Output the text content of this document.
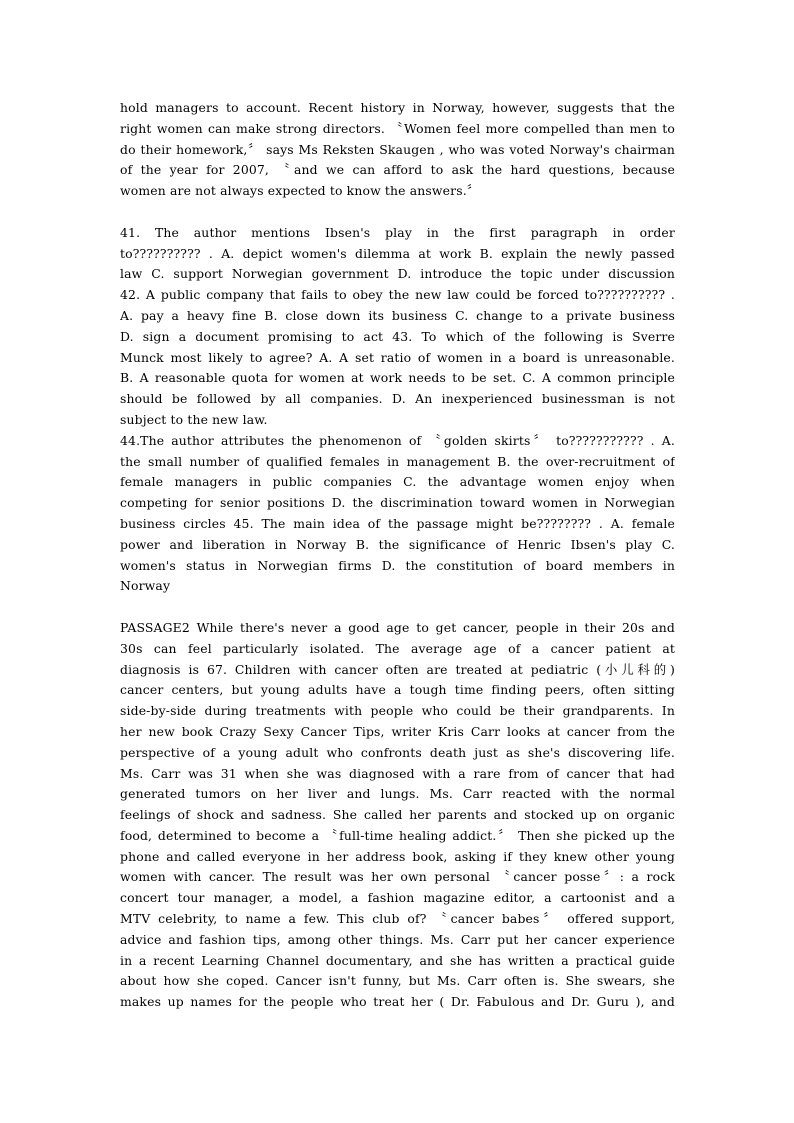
hold managers to account. Recent history in Norway, however, suggests that the
right women can make strong directors. 〝Women feel more compelled than men to
do their homework,〞 says Ms Reksten Skaugen , who was voted Norway's chairman
of the year for 2007, 〝and we can afford to ask the hard questions, because
women are not always expected to know the answers.〞
41. The author mentions Ibsen's play in the first paragraph in order
to?????????? . A. depict women's dilemma at work B. explain the newly passed
law C. support Norwegian government D. introduce the topic under discussion
42. A public company that fails to obey the new law could be forced to?????????? .
A. pay a heavy fine B. close down its business C. change to a private business
D. sign a document promising to act 43. To which of the following is Sverre
Munck most likely to agree? A. A set ratio of women in a board is unreasonable.
B. A reasonable quota for women at work needs to be set. C. A common principle
should be followed by all companies. D. An inexperienced businessman is not
subject to the new law.
44.The author attributes the phenomenon of 〝golden skirts〞 to??????????? . A.
the small number of qualified females in management B. the over-recruitment of
female managers in public companies C. the advantage women enjoy when
competing for senior positions D. the discrimination toward women in Norwegian
business circles 45. The main idea of the passage might be???????? . A. female
power and liberation in Norway B. the significance of Henric Ibsen's play C.
women's status in Norwegian firms D. the constitution of board members in
Norway
PASSAGE2 While there's never a good age to get cancer, people in their 20s and
30s can feel particularly isolated. The average age of a cancer patient at
diagnosis is 67. Children with cancer often are treated at pediatric (小儿科的)
cancer centers, but young adults have a tough time finding peers, often sitting
side-by-side during treatments with people who could be their grandparents. In
her new book Crazy Sexy Cancer Tips, writer Kris Carr looks at cancer from the
perspective of a young adult who confronts death just as she's discovering life.
Ms. Carr was 31 when she was diagnosed with a rare from of cancer that had
generated tumors on her liver and lungs. Ms. Carr reacted with the normal
feelings of shock and sadness. She called her parents and stocked up on organic
food, determined to become a 〝full-time healing addict.〞 Then she picked up the
phone and called everyone in her address book, asking if they knew other young
women with cancer. The result was her own personal 〝cancer posse〞: a rock
concert tour manager, a model, a fashion magazine editor, a cartoonist and a
MTV celebrity, to name a few. This club of? 〝cancer babes〞 offered support,
advice and fashion tips, among other things. Ms. Carr put her cancer experience
in a recent Learning Channel documentary, and she has written a practical guide
about how she coped. Cancer isn't funny, but Ms. Carr often is. She swears, she
makes up names for the people who treat her ( Dr. Fabulous and Dr. Guru ), and
